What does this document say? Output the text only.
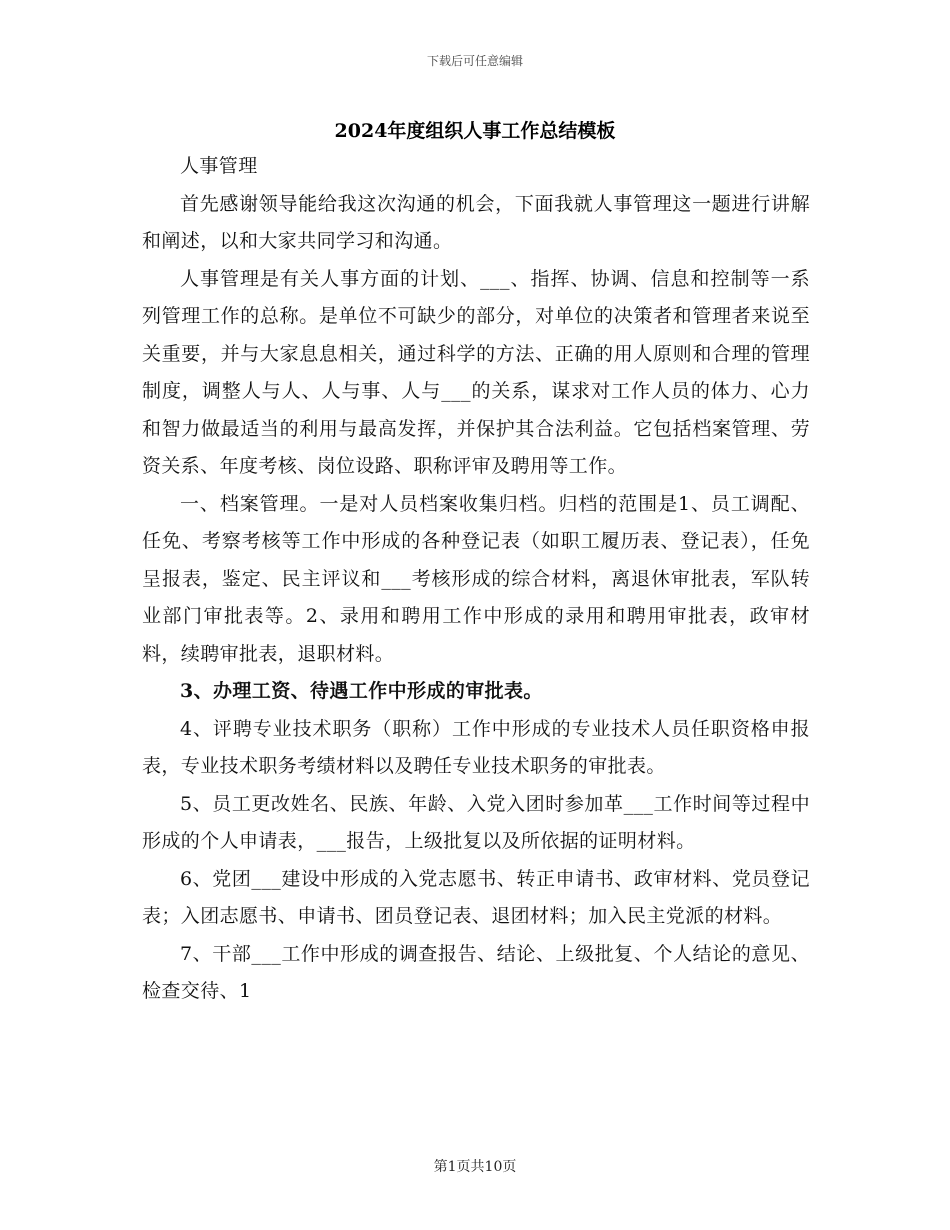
下载后可任意编辑
2024年度组织人事工作总结模板

人事管理

首先感谢领导能给我这次沟通的机会，下面我就人事管理这一题进行讲解和阐述，以和大家共同学习和沟通。

人事管理是有关人事方面的计划、___、指挥、协调、信息和控制等一系列管理工作的总称。是单位不可缺少的部分，对单位的决策者和管理者来说至关重要，并与大家息息相关，通过科学的方法、正确的用人原则和合理的管理制度，调整人与人、人与事、人与___的关系，谋求对工作人员的体力、心力和智力做最适当的利用与最高发挥，并保护其合法利益。它包括档案管理、劳资关系、年度考核、岗位设路、职称评审及聘用等工作。

一、档案管理。一是对人员档案收集归档。归档的范围是1、员工调配、任免、考察考核等工作中形成的各种登记表（如职工履历表、登记表），任免呈报表，鉴定、民主评议和___考核形成的综合材料，离退休审批表，军队转业部门审批表等。2、录用和聘用工作中形成的录用和聘用审批表，政审材料，续聘审批表，退职材料。

3、办理工资、待遇工作中形成的审批表。

4、评聘专业技术职务（职称）工作中形成的专业技术人员任职资格申报表，专业技术职务考绩材料以及聘任专业技术职务的审批表。

5、员工更改姓名、民族、年龄、入党入团时参加革___工作时间等过程中形成的个人申请表，___报告，上级批复以及所依据的证明材料。

6、党团___建设中形成的入党志愿书、转正申请书、政审材料、党员登记表；入团志愿书、申请书、团员登记表、退团材料；加入民主党派的材料。

7、干部___工作中形成的调查报告、结论、上级批复、个人结论的意见、检查交待、1

第1页共10页
